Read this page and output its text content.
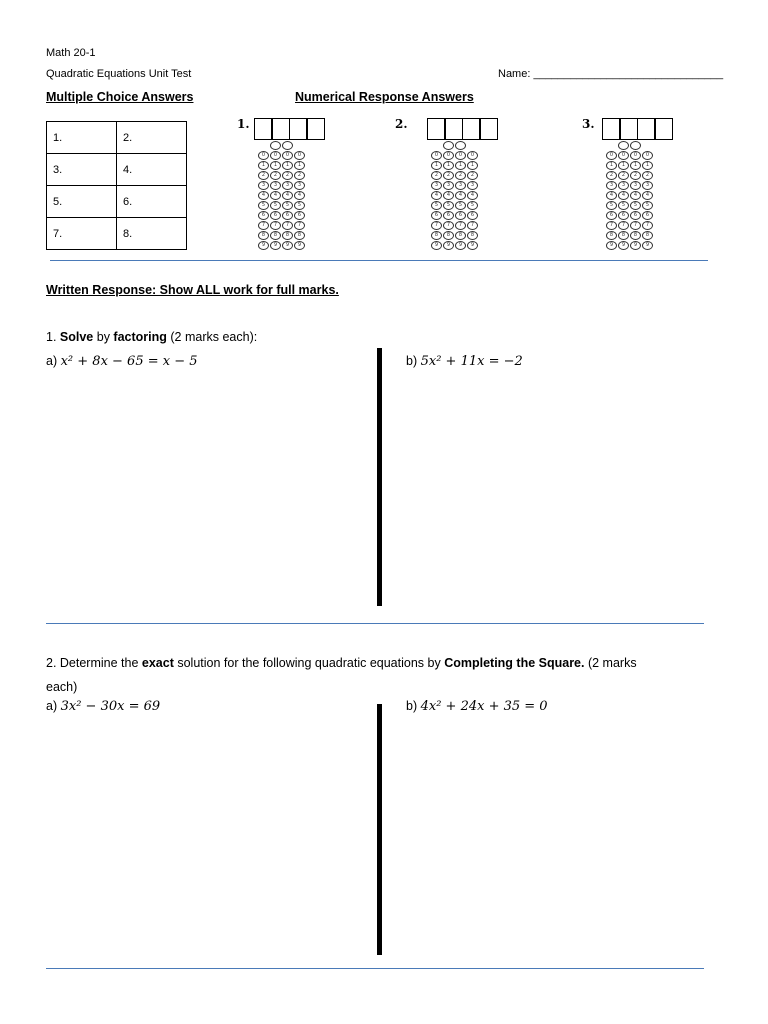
Math 20-1
Quadratic Equations Unit Test	Name: _______________________________
Multiple Choice Answers	Numerical Response Answers
1.	2.
3.	4.
5.	6.
7.	8.
1.
0
1
2
3
4
5
6
7
8
9
0
1
2
3
4
5
6
7
8
9
0
1
2
3
4
5
6
7
8
9
0
1
2
3
4
5
6
7
8
9
2.
0
1
2
3
4
5
6
7
8
9
0
1
2
3
4
5
6
7
8
9
0
1
2
3
4
5
6
7
8
9
0
1
2
3
4
5
6
7
8
9
3.
0
1
2
3
4
5
6
7
8
9
0
1
2
3
4
5
6
7
8
9
0
1
2
3
4
5
6
7
8
9
0
1
2
3
4
5
6
7
8
9
Written Response: Show ALL work for full marks.
1. Solve by factoring (2 marks each):
a) x² + 8x − 65 = x − 5	b) 5x² + 11x = −2
2. Determine the exact solution for the following quadratic equations by Completing the Square. (2 marks
each)
a) 3x² − 30x = 69	b) 4x² + 24x + 35 = 0
